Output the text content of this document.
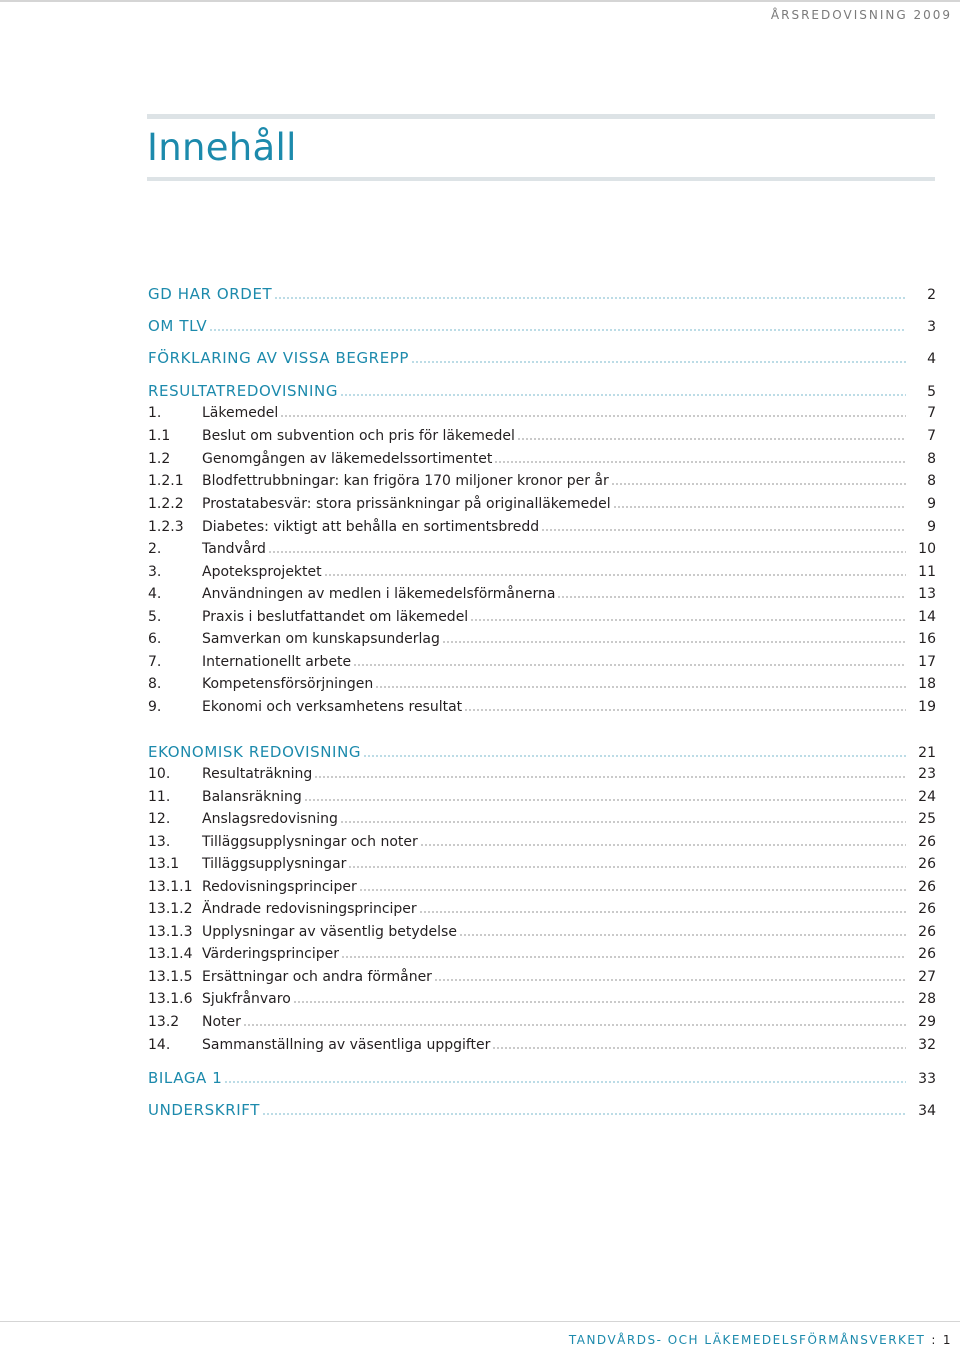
ÅRSREDOVISNING 2009
Innehåll
GD HAR ORDET	2
OM TLV	3
FÖRKLARING AV VISSA BEGREPP	4
RESULTATREDOVISNING	5
1.	Läkemedel	7
1.1	Beslut om subvention och pris för läkemedel	7
1.2	Genomgången av läkemedelssortimentet	8
1.2.1	Blodfettrubbningar: kan frigöra 170 miljoner kronor per år	8
1.2.2	Prostatabesvär: stora prissänkningar på originalläkemedel	9
1.2.3	Diabetes: viktigt att behålla en sortimentsbredd	9
2.	Tandvård	10
3.	Apoteksprojektet	11
4.	Användningen av medlen i läkemedelsförmånerna	13
5.	Praxis i beslutfattandet om läkemedel	14
6.	Samverkan om kunskapsunderlag	16
7.	Internationellt arbete	17
8.	Kompetensförsörjningen	18
9.	Ekonomi och verksamhetens resultat	19
EKONOMISK REDOVISNING	21
10.	Resultaträkning	23
11.	Balansräkning	24
12.	Anslagsredovisning	25
13.	Tilläggsupplysningar och noter	26
13.1	Tilläggsupplysningar	26
13.1.1 Redovisningsprinciper	26
13.1.2 Ändrade redovisningsprinciper	26
13.1.3 Upplysningar av väsentlig betydelse	26
13.1.4 Värderingsprinciper	26
13.1.5 Ersättningar och andra förmåner	27
13.1.6 Sjukfrånvaro	28
13.2	Noter	29
14.	Sammanställning av väsentliga uppgifter	32
BILAGA 1	33
UNDERSKRIFT	34
TANDVÅRDS- OCH LÄKEMEDELSFÖRMÅNSVERKET : 1
